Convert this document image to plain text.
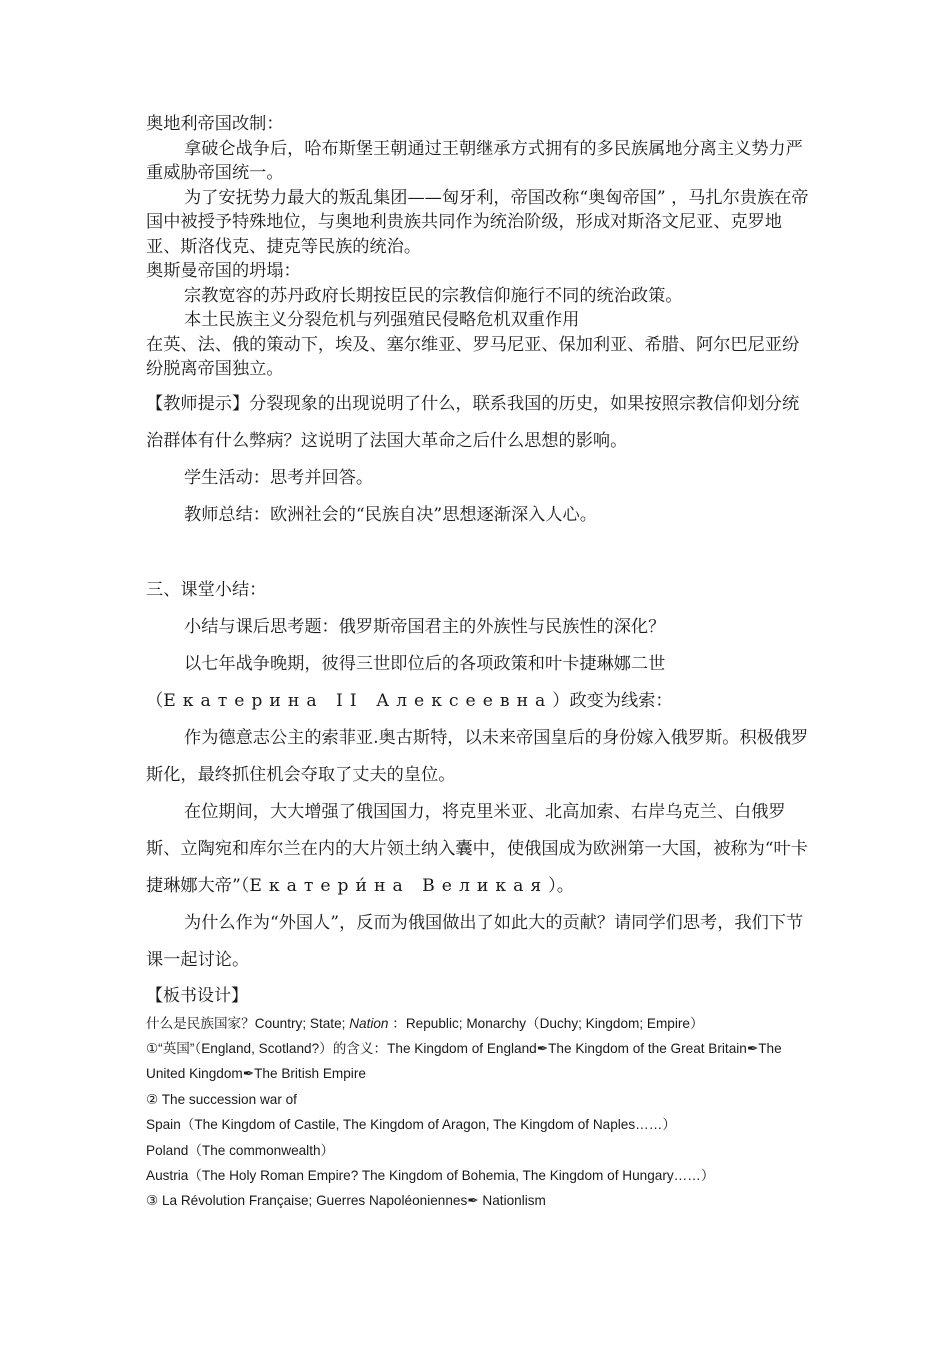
奥地利帝国改制：

拿破仑战争后，哈布斯堡王朝通过王朝继承方式拥有的多民族属地分离主义势力严重威胁帝国统一。

为了安抚势力最大的叛乱集团——匈牙利，帝国改称“奥匈帝国” ，马扎尔贵族在帝国中被授予特殊地位，与奥地利贵族共同作为统治阶级，形成对斯洛文尼亚、克罗地亚、斯洛伐克、捷克等民族的统治。

奥斯曼帝国的坍塌：

宗教宽容的苏丹政府长期按臣民的宗教信仰施行不同的统治政策。

本土民族主义分裂危机与列强殖民侵略危机双重作用

在英、法、俄的策动下，埃及、塞尔维亚、罗马尼亚、保加利亚、希腊、阿尔巴尼亚纷纷脱离帝国独立。

【教师提示】分裂现象的出现说明了什么，联系我国的历史，如果按照宗教信仰划分统治群体有什么弊病？这说明了法国大革命之后什么思想的影响。

学生活动：思考并回答。

教师总结：欧洲社会的“民族自决”思想逐渐深入人心。

三、课堂小结：

小结与课后思考题：俄罗斯帝国君主的外族性与民族性的深化？

以七年战争晚期，彼得三世即位后的各项政策和叶卡捷琳娜二世（Екатерина II Алексеевна）政变为线索：

作为德意志公主的索菲亚.奥古斯特，以未来帝国皇后的身份嫁入俄罗斯。积极俄罗斯化，最终抓住机会夺取了丈夫的皇位。

在位期间，大大增强了俄国国力，将克里米亚、北高加索、右岸乌克兰、白俄罗斯、立陶宛和库尔兰在内的大片领土纳入囊中，使俄国成为欧洲第一大国，被称为“叶卡捷琳娜大帝”（Екатери́на Великая）。

为什么作为“外国人”，反而为俄国做出了如此大的贡献？请同学们思考，我们下节课一起讨论。

【板书设计】

什么是民族国家？Country; State; Nation ：Republic; Monarchy（Duchy; Kingdom; Empire）

①“英国”（England, Scotland?）的含义：The Kingdom of England✒The Kingdom of the Great Britain✒The United Kingdom✒The British Empire

② The succession war of

Spain（The Kingdom of Castile, The Kingdom of Aragon, The Kingdom of Naples……）

Poland（The commonwealth）

Austria（The Holy Roman Empire? The Kingdom of Bohemia, The Kingdom of Hungary……）

③ La Révolution Française; Guerres Napoléoniennes✒ Nationlism
